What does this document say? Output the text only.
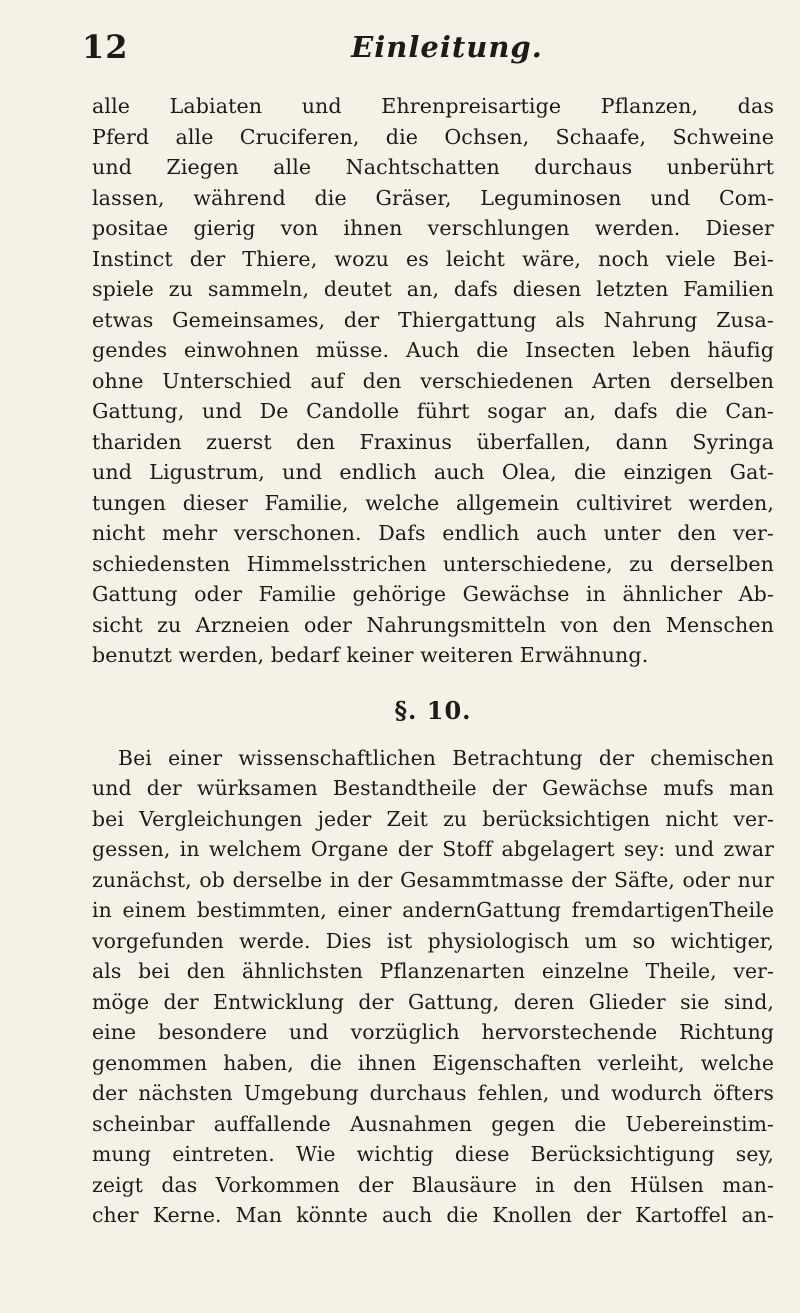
12	Einleitung.
alle Labiaten und Ehrenpreisartige Pflanzen, das
Pferd alle Cruciferen, die Ochsen, Schaafe, Schweine
und Ziegen alle Nachtschatten durchaus unberührt
lassen, während die Gräser, Leguminosen und Com-
positae gierig von ihnen verschlungen werden. Dieser
Instinct der Thiere, wozu es leicht wäre, noch viele Bei-
spiele zu sammeln, deutet an, dafs diesen letzten Familien
etwas Gemeinsames, der Thiergattung als Nahrung Zusa-
gendes einwohnen müsse. Auch die Insecten leben häufig
ohne Unterschied auf den verschiedenen Arten derselben
Gattung, und De Candolle führt sogar an, dafs die Can-
thariden zuerst den Fraxinus überfallen, dann Syringa
und Ligustrum, und endlich auch Olea, die einzigen Gat-
tungen dieser Familie, welche allgemein cultiviret werden,
nicht mehr verschonen. Dafs endlich auch unter den ver-
schiedensten Himmelsstrichen unterschiedene, zu derselben
Gattung oder Familie gehörige Gewächse in ähnlicher Ab-
sicht zu Arzneien oder Nahrungsmitteln von den Menschen
benutzt werden, bedarf keiner weiteren Erwähnung.
§. 10.
Bei einer wissenschaftlichen Betrachtung der chemischen
und der würksamen Bestandtheile der Gewächse mufs man
bei Vergleichungen jeder Zeit zu berücksichtigen nicht ver-
gessen, in welchem Organe der Stoff abgelagert sey: und zwar
zunächst, ob derselbe in der Gesammtmasse der Säfte, oder nur
in einem bestimmten, einer andernGattung fremdartigenTheile
vorgefunden werde. Dies ist physiologisch um so wichtiger,
als bei den ähnlichsten Pflanzenarten einzelne Theile, ver-
möge der Entwicklung der Gattung, deren Glieder sie sind,
eine besondere und vorzüglich hervorstechende Richtung
genommen haben, die ihnen Eigenschaften verleiht, welche
der nächsten Umgebung durchaus fehlen, und wodurch öfters
scheinbar auffallende Ausnahmen gegen die Uebereinstim-
mung eintreten. Wie wichtig diese Berücksichtigung sey,
zeigt das Vorkommen der Blausäure in den Hülsen man-
cher Kerne. Man könnte auch die Knollen der Kartoffel an-
